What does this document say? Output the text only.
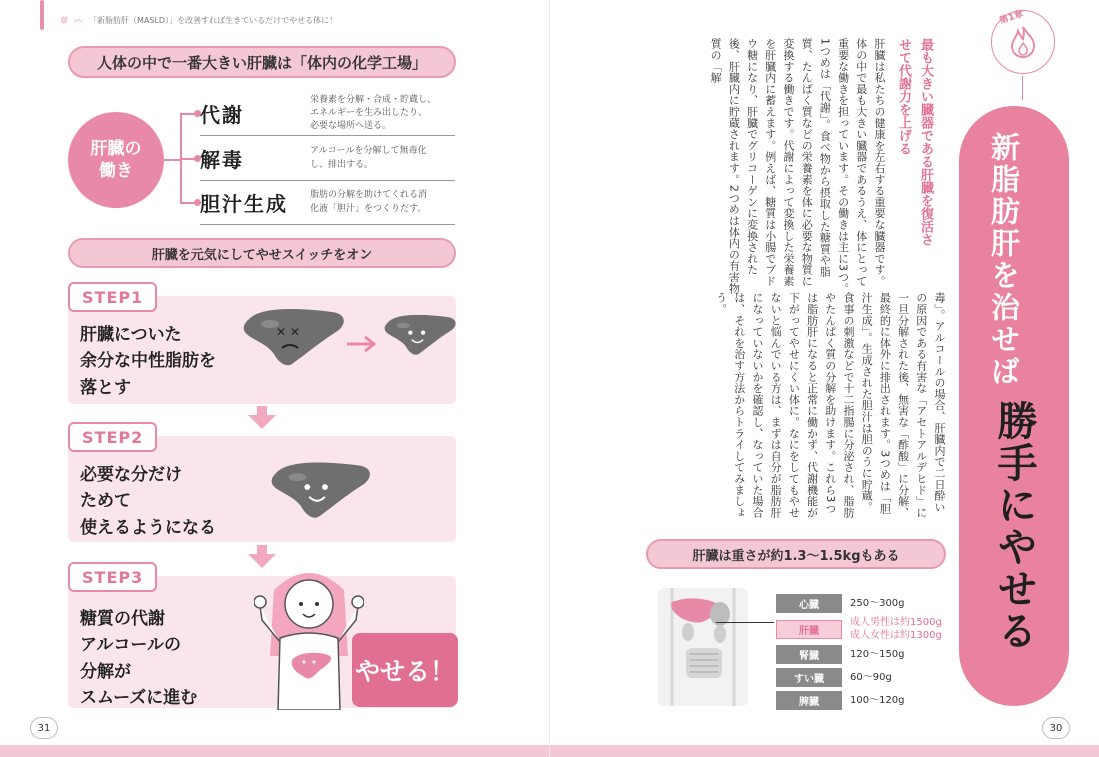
章 〰 「新脂肪肝（MASLD）」を改善すれば生きているだけでやせる体に！
人体の中で一番大きい肝臓は「体内の化学工場」
肝臓の
働き
代謝
栄養素を分解・合成・貯蔵し、
エネルギーを生み出したり、
必要な場所へ送る。
解毒	アルコールを分解して無毒化
し、排出する。
胆汁生成	脂肪の分解を助けてくれる消
化液「胆汁」をつくりだす。
肝臓を元気にしてやせスイッチをオン
STEP1
肝臓についた
余分な中性脂肪を
落とす
✕ ✕
STEP2
必要な分だけ
ためて
使えるようになる
STEP3
糖質の代謝
アルコールの
分解が
スムーズに進む
やせる！
31
第1章
新脂肪肝を治せば
勝手にやせる
最も大きい臓器である肝臓を復活させて代謝力を上げる
肝臓は私たちの健康を左右する重要な臓器です。体の中で最も大きい臓器であるうえ、体にとって重要な働きを担っています。その働きは主に3つ。1つめは「代謝」。食べ物から摂取した糖質や脂質、たんぱく質などの栄養素を体に必要な物質に変換する働きです。代謝によって変換した栄養素を肝臓内に蓄えます。例えば、糖質は小腸でブドウ糖になり、肝臓でグリコーゲンに変換された後、肝臓内に貯蔵されます。2つめは体内の有害物質の「解
毒」。アルコールの場合、肝臓内で二日酔いの原因である有害な「アセトアルデヒド」に一旦分解された後、無害な「酢酸」に分解、最終的に体外に排出されます。3つめは「胆汁生成」。生成された胆汁は胆のうに貯蔵。食事の刺激などで十二指腸に分泌され、脂肪やたんぱく質の分解を助けます。これら3つは脂肪肝になると正常に働かず、代謝機能が下がってやせにくい体に。なにをしてもやせないと悩んでいる方は、まずは自分が脂肪肝になっていないかを確認し、なっていた場合は、それを治す方法からトライしてみましょう。
肝臓は重さが約1.3〜1.5kgもある
心臓	250〜300g
肝臓
成人男性は約1500g
成人女性は約1300g
腎臓	120〜150g
すい臓	60〜90g
脾臓	100〜120g
30
